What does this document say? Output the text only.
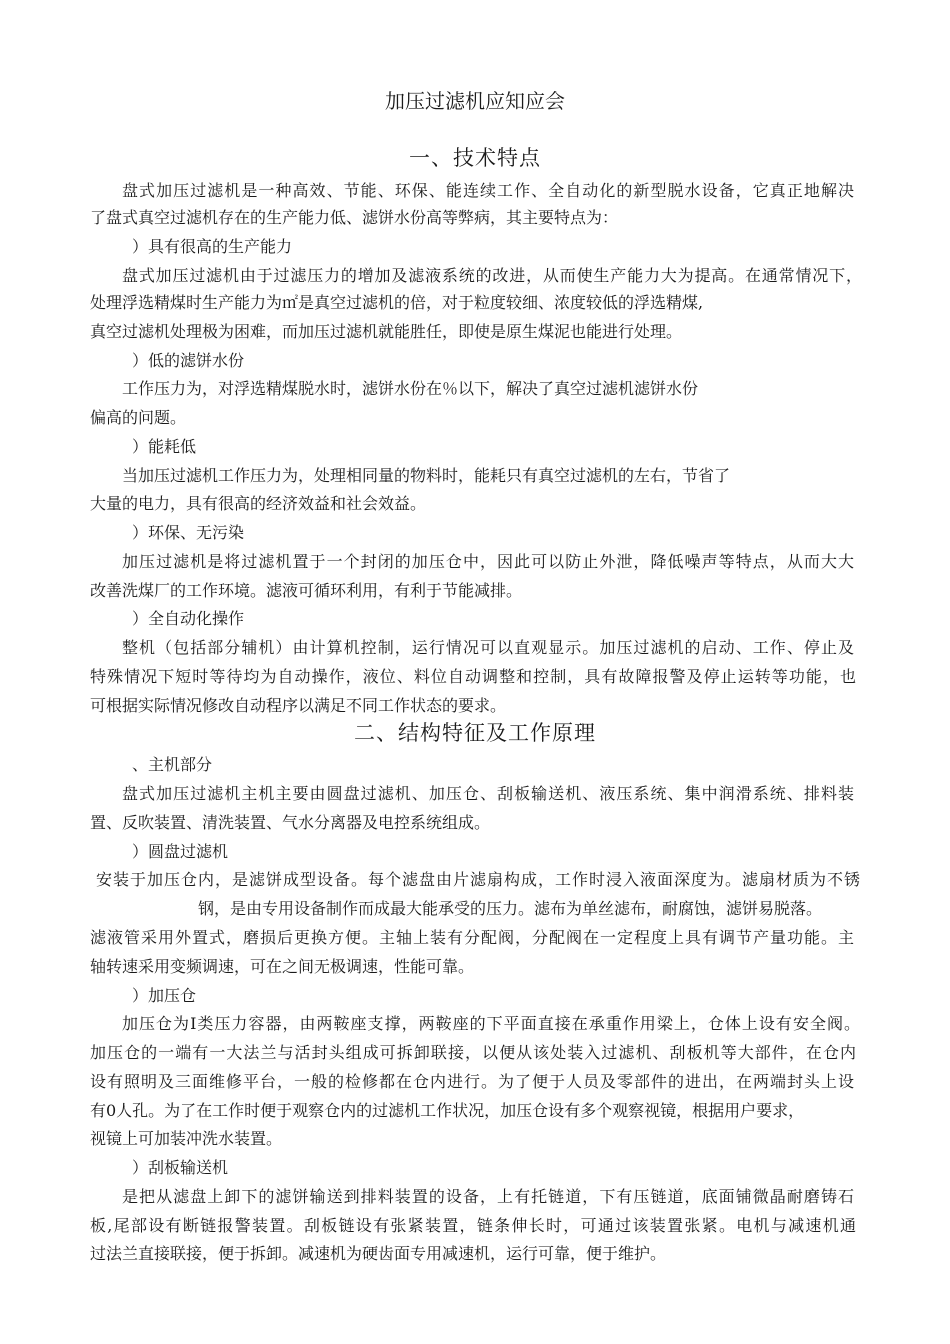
加压过滤机应知应会
一、技术特点
盘式加压过滤机是一种高效、节能、环保、能连续工作、全自动化的新型脱水设备，它真正地解决
了盘式真空过滤机存在的生产能力低、滤饼水份高等弊病，其主要特点为：
）具有很高的生产能力
盘式加压过滤机由于过滤压力的增加及滤液系统的改进，从而使生产能力大为提高。在通常情况下，
处理浮选精煤时生产能力为㎡是真空过滤机的倍，对于粒度较细、浓度较低的浮选精煤,
真空过滤机处理极为困难，而加压过滤机就能胜任，即使是原生煤泥也能进行处理。
）低的滤饼水份
工作压力为，对浮选精煤脱水时，滤饼水份在％以下，解决了真空过滤机滤饼水份
偏高的问题。
）能耗低
当加压过滤机工作压力为，处理相同量的物料时，能耗只有真空过滤机的左右，节省了
大量的电力，具有很高的经济效益和社会效益。
）环保、无污染
加压过滤机是将过滤机置于一个封闭的加压仓中，因此可以防止外泄，降低噪声等特点，从而大大
改善洗煤厂的工作环境。滤液可循环利用，有利于节能减排。
）全自动化操作
整机（包括部分辅机）由计算机控制，运行情况可以直观显示。加压过滤机的启动、工作、停止及
特殊情况下短时等待均为自动操作，液位、料位自动调整和控制，具有故障报警及停止运转等功能，也
可根据实际情况修改自动程序以满足不同工作状态的要求。
二、结构特征及工作原理
、主机部分
盘式加压过滤机主机主要由圆盘过滤机、加压仓、刮板输送机、液压系统、集中润滑系统、排料装
置、反吹装置、清洗装置、气水分离器及电控系统组成。
）圆盘过滤机
安装于加压仓内，是滤饼成型设备。每个滤盘由片滤扇构成，工作时浸入液面深度为。滤扇材质为不锈
钢，是由专用设备制作而成最大能承受的压力。滤布为单丝滤布，耐腐蚀，滤饼易脱落。
滤液管采用外置式，磨损后更换方便。主轴上装有分配阀，分配阀在一定程度上具有调节产量功能。主
轴转速采用变频调速，可在之间无极调速，性能可靠。
）加压仓
加压仓为Ⅰ类压力容器，由两鞍座支撑，两鞍座的下平面直接在承重作用梁上，仓体上设有安全阀。
加压仓的一端有一大法兰与活封头组成可拆卸联接，以便从该处装入过滤机、刮板机等大部件，在仓内
设有照明及三面维修平台，一般的检修都在仓内进行。为了便于人员及零部件的进出，在两端封头上设
有0人孔。为了在工作时便于观察仓内的过滤机工作状况，加压仓设有多个观察视镜，根据用户要求，
视镜上可加装冲洗水装置。
）刮板输送机
是把从滤盘上卸下的滤饼输送到排料装置的设备，上有托链道，下有压链道，底面铺微晶耐磨铸石
板,尾部设有断链报警装置。刮板链设有张紧装置，链条伸长时，可通过该装置张紧。电机与减速机通
过法兰直接联接，便于拆卸。减速机为硬齿面专用减速机，运行可靠，便于维护。
